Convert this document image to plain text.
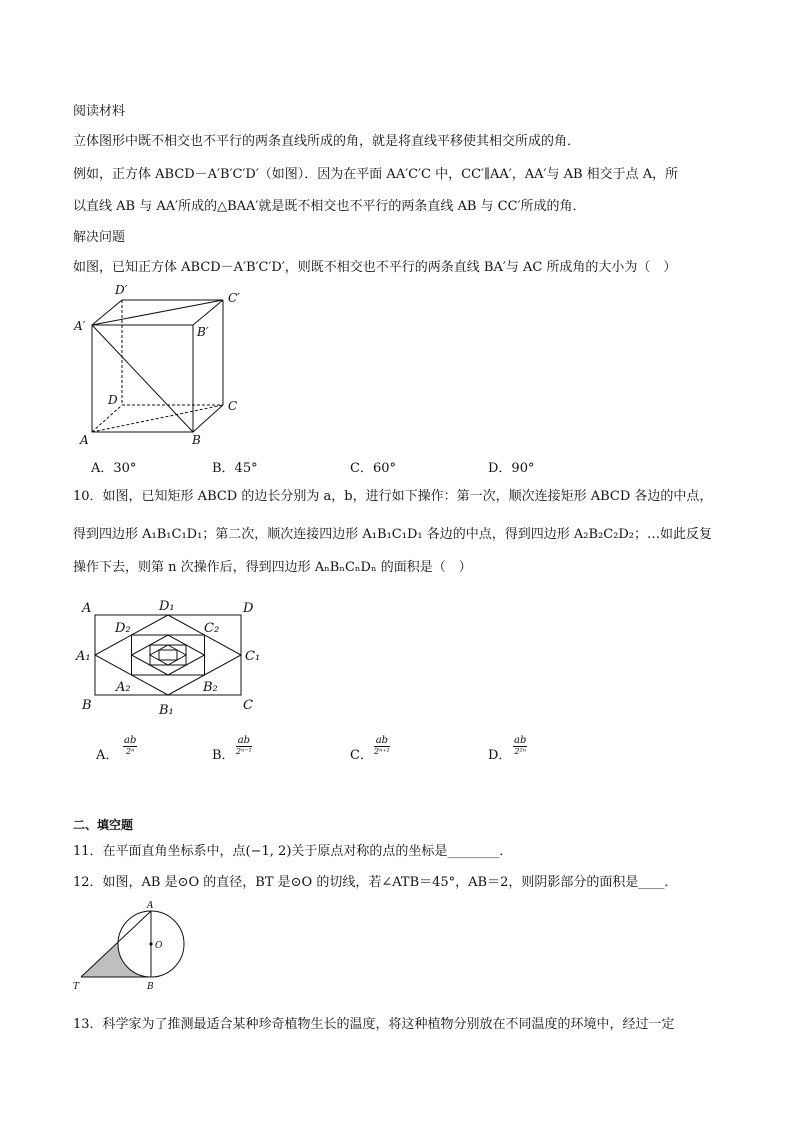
阅读材料
立体图形中既不相交也不平行的两条直线所成的角，就是将直线平移使其相交所成的角．
例如，正方体 ABCD－A′B′C′D′（如图）．因为在平面 AA′C′C 中，CC′∥AA′，AA′与 AB 相交于点 A，所
以直线 AB 与 AA′所成的△BAA′就是既不相交也不平行的两条直线 AB 与 CC′所成的角．
解决问题
如图，已知正方体 ABCD－A′B′C′D′，则既不相交也不平行的两条直线 BA′与 AC 所成角的大小为（　）
D′
C′
A′	B′
D	C
A	B
A．30°	B．45°	C．60°	D．90°
10．如图，已知矩形 ABCD 的边长分别为 a，b，进行如下操作：第一次，顺次连接矩形 ABCD 各边的中点，
得到四边形 A₁B₁C₁D₁；第二次，顺次连接四边形 A₁B₁C₁D₁ 各边的中点，得到四边形 A₂B₂C₂D₂；…如此反复
操作下去，则第 n 次操作后，得到四边形 AₙBₙCₙDₙ 的面积是（　）
A	D
B	C
D₁
B₁
A₁	C₁
D₂	C₂
A₂	B₂
A．
ab
2ⁿ	B．
ab
2ⁿ⁻¹	C．
ab
2ⁿ⁺¹	D．
ab
2²ⁿ
二、填空题
11．在平面直角坐标系中，点(−1, 2)关于原点对称的点的坐标是________．
12．如图，AB 是⊙O 的直径，BT 是⊙O 的切线，若∠ATB＝45°，AB＝2，则阴影部分的面积是____．
A
O
T	B
13．科学家为了推测最适合某种珍奇植物生长的温度，将这种植物分别放在不同温度的环境中，经过一定
